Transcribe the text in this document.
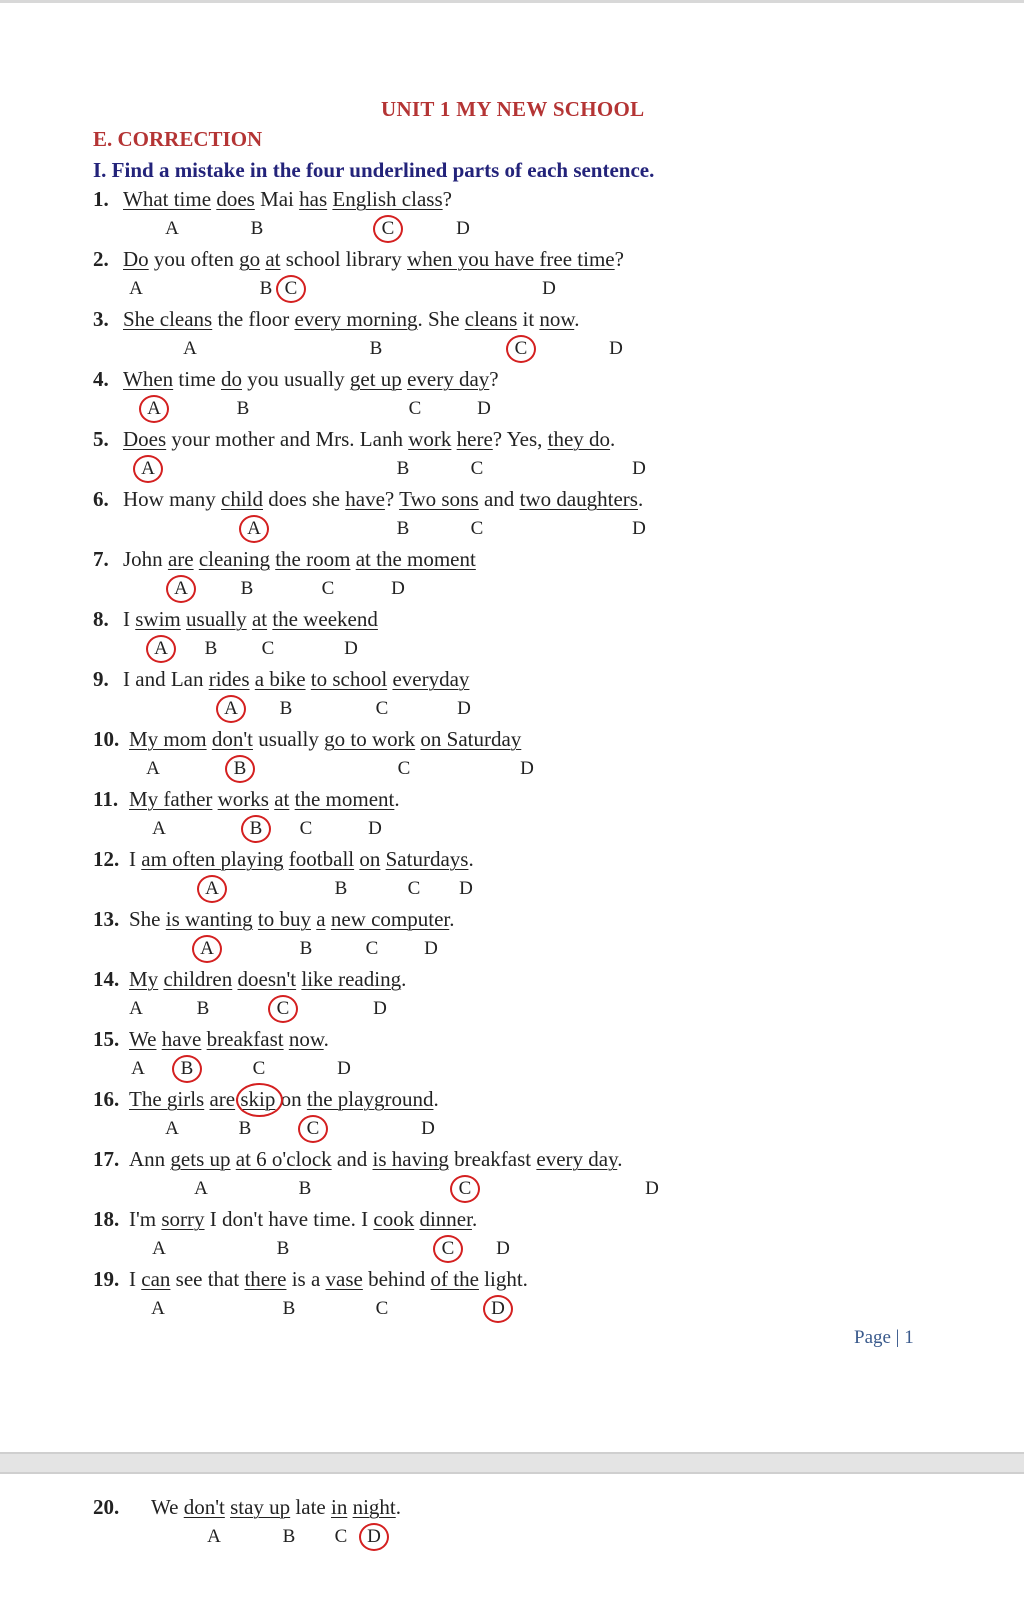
UNIT 1 MY NEW SCHOOL
E. CORRECTION
I. Find a mistake in the four underlined parts of each sentence.
1. What time does Mai has English class?
A	B	C	D
2. Do you often go at school library when you have free time?
A	B C	D
3. She cleans the floor every morning. She cleans it now.
A	B	C	D
4. When time do you usually get up every day?
A	B	C	D
5. Does your mother and Mrs. Lanh work here? Yes, they do.
A	B	C	D
6. How many child does she have? Two sons and two daughters.
A	B	C	D
7. John are cleaning the room at the moment
A	B	C	D
8. I swim usually at the weekend
A	B	C	D
9. I and Lan rides a bike to school everyday
A	B	C	D
10. My mom don't usually go to work on Saturday
A	B	C	D
11. My father works at the moment.
A	B	C	D
12. I am often playing football on Saturdays.
A	B	C	D
13. She is wanting to buy a new computer.
A	B	C	D
14. My children doesn't like reading.
A	B	C	D
15. We have breakfast now.
A	B	C	D
16. The girls are skip on the playground.
A	B	C	D
17. Ann gets up at 6 o'clock and is having breakfast every day.
A	B	C	D
18. I'm sorry I don't have time. I cook dinner.
A	B	C	D
19. I can see that there is a vase behind of the light.
A	B	C	D
Page | 1
20. We don't stay up late in night.
A	B	C	D
